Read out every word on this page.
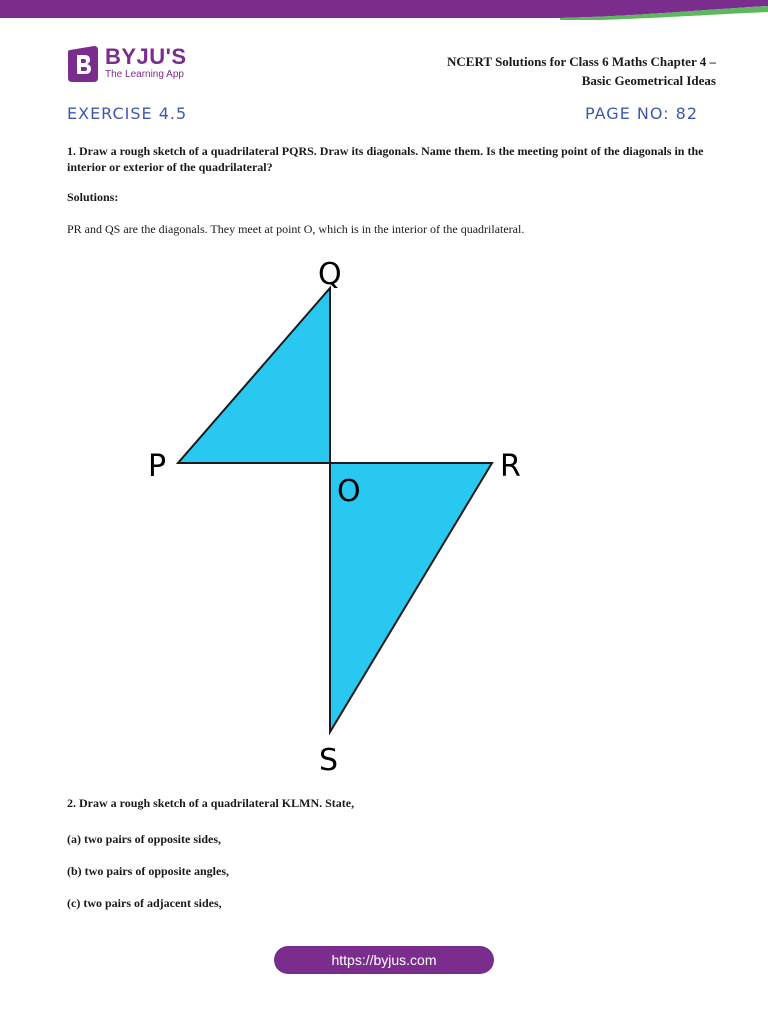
BYJU'S
The Learning App
NCERT Solutions for Class 6 Maths Chapter 4 –
Basic Geometrical Ideas
EXERCISE 4.5	PAGE NO: 82
1. Draw a rough sketch of a quadrilateral PQRS. Draw its diagonals. Name them. Is the meeting point of the diagonals in the interior or exterior of the quadrilateral?
Solutions:
PR and QS are the diagonals. They meet at point O, which is in the interior of the quadrilateral.
Q
P	R
O
S
2. Draw a rough sketch of a quadrilateral KLMN. State,
(a) two pairs of opposite sides,
(b) two pairs of opposite angles,
(c) two pairs of adjacent sides,
https://byjus.com
